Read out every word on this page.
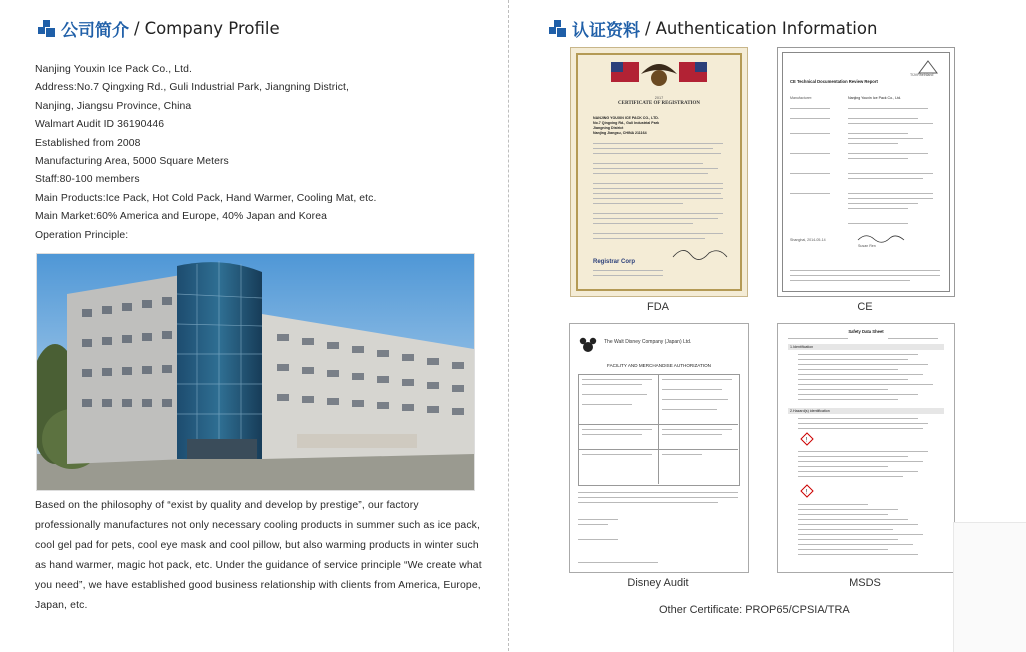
公司简介 / Company Profile
Nanjing Youxin Ice Pack Co., Ltd.
Address:No.7 Qingxing Rd., Guli Industrial Park, Jiangning District,
Nanjing, Jiangsu Province, China
Walmart Audit ID 36190446
Established from 2008
Manufacturing Area, 5000 Square Meters
Staff:80-100 members
Main Products:Ice Pack, Hot Cold Pack, Hand Warmer, Cooling Mat, etc.
Main Market:60% America and Europe, 40% Japan and Korea
Operation Principle:
Based on the philosophy of “exist by quality and develop by prestige”, our factory professionally manufactures not only necessary cooling products in summer such as ice pack, cool gel pad for pets, cool eye mask and cool pillow, but also warming products in winter such as hand warmer, magic hot pack, etc. Under the guidance of service principle “We create what you need”, we have established good business relationship with clients from America, Europe, Japan, etc.
认证资料 / Authentication Information
2017
CERTIFICATE OF REGISTRATION
NANJING YOUXIN ICE PACK CO., LTD.
No.7 Qingxing Rd., Guli Industrial Park
Jiangning District
Nanjing Jiangsu, CHINA 211164
Registrar Corp
FDA
TÜVRheinland
CE Technical Documentation Review Report
Manufacturer:	Nanjing Youxin Ice Pack Co., Ltd.
Shanghai, 2014-05-14
Susan Ren
CE
The Walt Disney Company (Japan) Ltd.
FACILITY AND MERCHANDISE AUTHORIZATION
Disney Audit
Safety Data Sheet
1.Identification
2.Hazard(s) identification
!
!
MSDS
Other Certificate: PROP65/CPSIA/TRA
